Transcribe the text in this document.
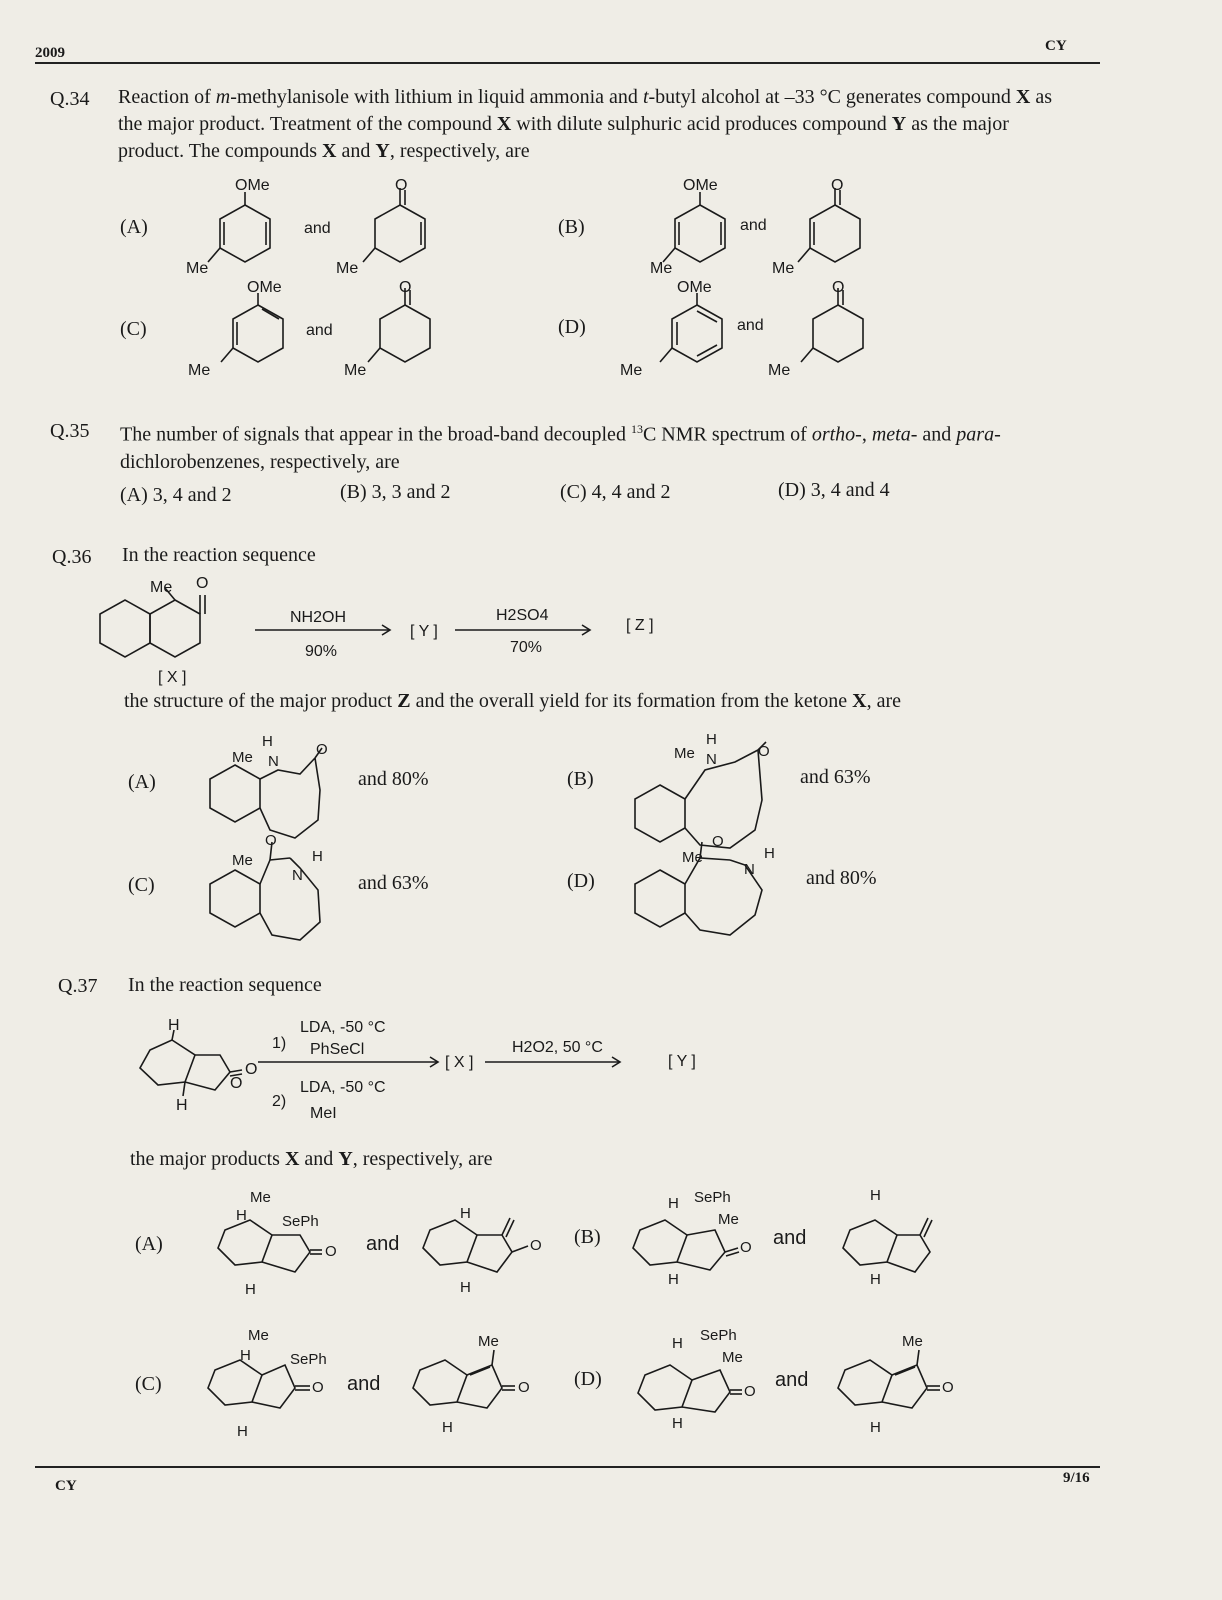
2009	CY
Q.34 Reaction of m-methylanisole with lithium in liquid ammonia and t-butyl alcohol at –33 °C generates compound X as the major product. Treatment of the compound X with dilute sulphuric acid produces compound Y as the major product. The compounds X and Y, respectively, are
(A)	(B)
(C)	(D)
OMe
Me
and
O
Me
OMe
Me
and
O
Me
OMe
Me
and
O
Me
OMe
Me
and
O
Me
Q.35 The number of signals that appear in the broad-band decoupled $^{13}$C NMR spectrum of ortho-, meta- and para-dichlorobenzenes, respectively, are
(A) 3, 4 and 2	(B) 3, 3 and 2	(C) 4, 4 and 2	(D) 3, 4 and 4
Q.36 In the reaction sequence
Me O
[ X ]
NH2OH
90%
[ Y ]
H2SO4
70%
[ Z ]
the structure of the major product Z and the overall yield for its formation from the ketone X, are
(A)	and 80%	(B)	and 63%
(C)	and 63%	(D)	and 80%
Me
H
N
O	Me
H
N	O
Me
O
N
H	Me
O
N
H
Q.37 In the reaction sequence
H
H
O
O
LDA, -50 °C
1) PhSeCl
LDA, -50 °C
2)
MeI
[ X ]
H2O2, 50 °C
[ Y ]
the major products X and Y, respectively, are
(A)	(B)
(C)	(D)
Me
H SePh
H
O and
H
H
O
H SePh
Me
H
O and
H
H
Me
H	SePh
H
O and
Me
H
O
H SePh
Me
H
O
and
Me
H
O
CY	9/16
